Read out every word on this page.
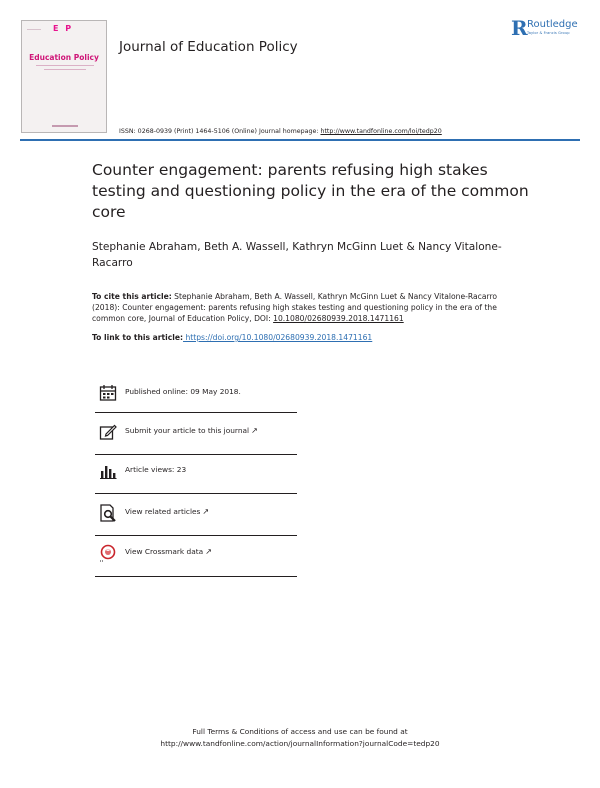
E P
Education Policy
Journal of Education Policy
R Routledge
Taylor & Francis Group
ISSN: 0268-0939 (Print) 1464-5106 (Online) Journal homepage: http://www.tandfonline.com/loi/tedp20
Counter engagement: parents refusing high stakes testing and questioning policy in the era of the common core
Stephanie Abraham, Beth A. Wassell, Kathryn McGinn Luet & Nancy Vitalone-Racarro
To cite this article: Stephanie Abraham, Beth A. Wassell, Kathryn McGinn Luet & Nancy Vitalone-Racarro (2018): Counter engagement: parents refusing high stakes testing and questioning policy in the era of the common core, Journal of Education Policy, DOI: 10.1080/02680939.2018.1471161
To link to this article: https://doi.org/10.1080/02680939.2018.1471161
Published online: 09 May 2018.
Submit your article to this journal ↗
Article views: 23
View related articles ↗
View Crossmark data ↗
Full Terms & Conditions of access and use can be found at
http://www.tandfonline.com/action/journalInformation?journalCode=tedp20
